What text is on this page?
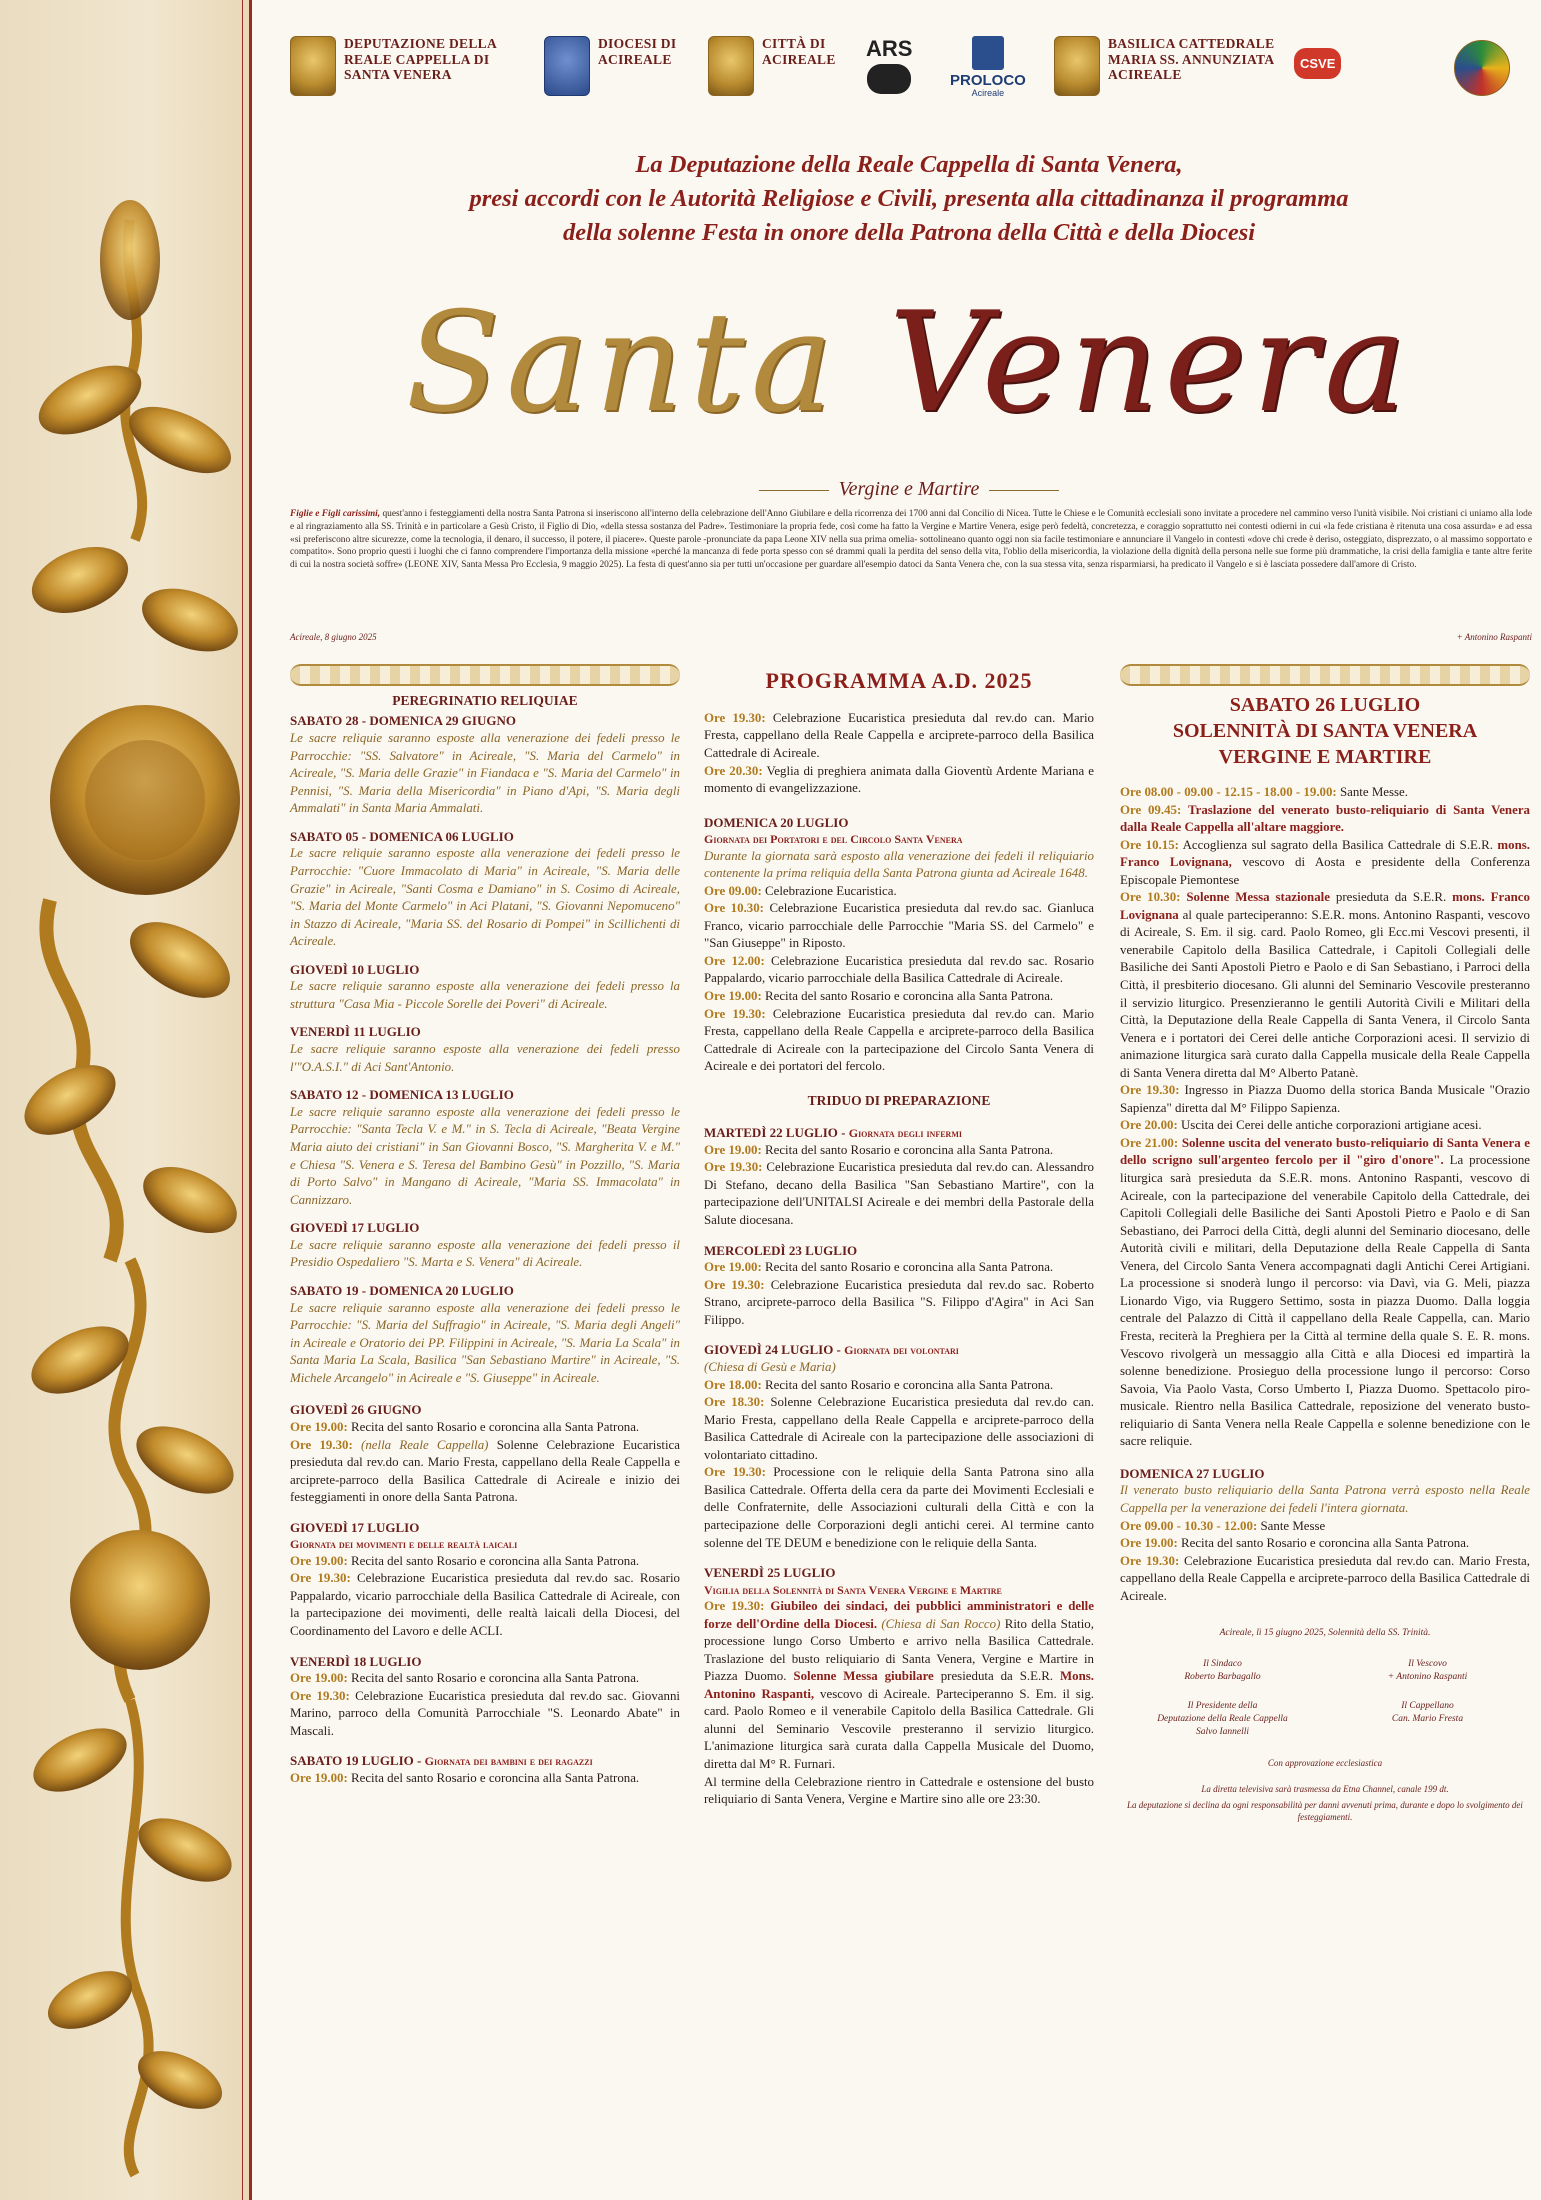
DEPUTAZIONE DELLA
REALE CAPPELLA DI
SANTA VENERA
DIOCESI DI
ACIREALE
CITTÀ DI
ACIREALE ARS
PROLOCO
Acireale
BASILICA CATTEDRALE
MARIA SS. ANNUNZIATA
ACIREALE
CSVE
La Deputazione della Reale Cappella di Santa Venera,
presi accordi con le Autorità Religiose e Civili, presenta alla cittadinanza il programma
della solenne Festa in onore della Patrona della Città e della Diocesi
Santa Venera
Vergine e Martire
Figlie e Figli carissimi, quest'anno i festeggiamenti della nostra Santa Patrona si inseriscono all'interno della celebrazione dell'Anno Giubilare e della ricorrenza dei 1700 anni dal Concilio di Nicea. Tutte le Chiese e le Comunità ecclesiali sono invitate a procedere nel cammino verso l'unità visibile. Noi cristiani ci uniamo alla lode e al ringraziamento alla SS. Trinità e in particolare a Gesù Cristo, il Figlio di Dio, «della stessa sostanza del Padre». Testimoniare la propria fede, così come ha fatto la Vergine e Martire Venera, esige però fedeltà, concretezza, e coraggio soprattutto nei contesti odierni in cui «la fede cristiana è ritenuta una cosa assurda» e ad essa «si preferiscono altre sicurezze, come la tecnologia, il denaro, il successo, il potere, il piacere». Queste parole -pronunciate da papa Leone XIV nella sua prima omelia- sottolineano quanto oggi non sia facile testimoniare e annunciare il Vangelo in contesti «dove chi crede è deriso, osteggiato, disprezzato, o al massimo sopportato e compatito». Sono proprio questi i luoghi che ci fanno comprendere l'importanza della missione «perché la mancanza di fede porta spesso con sé drammi quali la perdita del senso della vita, l'oblio della misericordia, la violazione della dignità della persona nelle sue forme più drammatiche, la crisi della famiglia e tante altre ferite di cui la nostra società soffre» (LEONE XIV, Santa Messa Pro Ecclesia, 9 maggio 2025). La festa di quest'anno sia per tutti un'occasione per guardare all'esempio datoci da Santa Venera che, con la sua stessa vita, senza risparmiarsi, ha predicato il Vangelo e si è lasciata possedere dall'amore di Cristo.
Acireale, 8 giugno 2025	+ Antonino Raspanti
PEREGRINATIO RELIQUIAE
SABATO 28 - DOMENICA 29 GIUGNO
Le sacre reliquie saranno esposte alla venerazione dei fedeli presso le Parrocchie: "SS. Salvatore" in Acireale, "S. Maria del Carmelo" in Acireale, "S. Maria delle Grazie" in Fiandaca e "S. Maria del Carmelo" in Pennisi, "S. Maria della Misericordia" in Piano d'Api, "S. Maria degli Ammalati" in Santa Maria Ammalati.
SABATO 05 - DOMENICA 06 LUGLIO
Le sacre reliquie saranno esposte alla venerazione dei fedeli presso le Parrocchie: "Cuore Immacolato di Maria" in Acireale, "S. Maria delle Grazie" in Acireale, "Santi Cosma e Damiano" in S. Cosimo di Acireale, "S. Maria del Monte Carmelo" in Aci Platani, "S. Giovanni Nepomuceno" in Stazzo di Acireale, "Maria SS. del Rosario di Pompei" in Scillichenti di Acireale.
GIOVEDÌ 10 LUGLIO
Le sacre reliquie saranno esposte alla venerazione dei fedeli presso la struttura "Casa Mia - Piccole Sorelle dei Poveri" di Acireale.
VENERDÌ 11 LUGLIO
Le sacre reliquie saranno esposte alla venerazione dei fedeli presso l'"O.A.S.I." di Aci Sant'Antonio.
SABATO 12 - DOMENICA 13 LUGLIO
Le sacre reliquie saranno esposte alla venerazione dei fedeli presso le Parrocchie: "Santa Tecla V. e M." in S. Tecla di Acireale, "Beata Vergine Maria aiuto dei cristiani" in San Giovanni Bosco, "S. Margherita V. e M." e Chiesa "S. Venera e S. Teresa del Bambino Gesù" in Pozzillo, "S. Maria di Porto Salvo" in Mangano di Acireale, "Maria SS. Immacolata" in Cannizzaro.
GIOVEDÌ 17 LUGLIO
Le sacre reliquie saranno esposte alla venerazione dei fedeli presso il Presidio Ospedaliero "S. Marta e S. Venera" di Acireale.
SABATO 19 - DOMENICA 20 LUGLIO
Le sacre reliquie saranno esposte alla venerazione dei fedeli presso le Parrocchie: "S. Maria del Suffragio" in Acireale, "S. Maria degli Angeli" in Acireale e Oratorio dei PP. Filippini in Acireale, "S. Maria La Scala" in Santa Maria La Scala, Basilica "San Sebastiano Martire" in Acireale, "S. Michele Arcangelo" in Acireale e "S. Giuseppe" in Acireale.
GIOVEDÌ 26 GIUGNO
Ore 19.00: Recita del santo Rosario e coroncina alla Santa Patrona.
Ore 19.30: (nella Reale Cappella) Solenne Celebrazione Eucaristica presieduta dal rev.do can. Mario Fresta, cappellano della Reale Cappella e arciprete-parroco della Basilica Cattedrale di Acireale e inizio dei festeggiamenti in onore della Santa Patrona.
GIOVEDÌ 17 LUGLIO
Giornata dei movimenti e delle realtà laicali
Ore 19.00: Recita del santo Rosario e coroncina alla Santa Patrona.
Ore 19.30: Celebrazione Eucaristica presieduta dal rev.do sac. Rosario Pappalardo, vicario parrocchiale della Basilica Cattedrale di Acireale, con la partecipazione dei movimenti, delle realtà laicali della Diocesi, del Coordinamento del Lavoro e delle ACLI.
VENERDÌ 18 LUGLIO
Ore 19.00: Recita del santo Rosario e coroncina alla Santa Patrona.
Ore 19.30: Celebrazione Eucaristica presieduta dal rev.do sac. Giovanni Marino, parroco della Comunità Parrocchiale "S. Leonardo Abate" in Mascali.
SABATO 19 LUGLIO - Giornata dei bambini e dei ragazzi
Ore 19.00: Recita del santo Rosario e coroncina alla Santa Patrona.
PROGRAMMA A.D. 2025
Ore 19.30: Celebrazione Eucaristica presieduta dal rev.do can. Mario Fresta, cappellano della Reale Cappella e arciprete-parroco della Basilica Cattedrale di Acireale.
Ore 20.30: Veglia di preghiera animata dalla Gioventù Ardente Mariana e momento di evangelizzazione.
DOMENICA 20 LUGLIO
Giornata dei Portatori e del Circolo Santa Venera
Durante la giornata sarà esposto alla venerazione dei fedeli il reliquiario contenente la prima reliquia della Santa Patrona giunta ad Acireale 1648.
Ore 09.00: Celebrazione Eucaristica.
Ore 10.30: Celebrazione Eucaristica presieduta dal rev.do sac. Gianluca Franco, vicario parrocchiale delle Parrocchie "Maria SS. del Carmelo" e "San Giuseppe" in Riposto.
Ore 12.00: Celebrazione Eucaristica presieduta dal rev.do sac. Rosario Pappalardo, vicario parrocchiale della Basilica Cattedrale di Acireale.
Ore 19.00: Recita del santo Rosario e coroncina alla Santa Patrona.
Ore 19.30: Celebrazione Eucaristica presieduta dal rev.do can. Mario Fresta, cappellano della Reale Cappella e arciprete-parroco della Basilica Cattedrale di Acireale con la partecipazione del Circolo Santa Venera di Acireale e dei portatori del fercolo.
TRIDUO DI PREPARAZIONE
MARTEDÌ 22 LUGLIO - Giornata degli infermi
Ore 19.00: Recita del santo Rosario e coroncina alla Santa Patrona.
Ore 19.30: Celebrazione Eucaristica presieduta dal rev.do can. Alessandro Di Stefano, decano della Basilica "San Sebastiano Martire", con la partecipazione dell'UNITALSI Acireale e dei membri della Pastorale della Salute diocesana.
MERCOLEDÌ 23 LUGLIO
Ore 19.00: Recita del santo Rosario e coroncina alla Santa Patrona.
Ore 19.30: Celebrazione Eucaristica presieduta dal rev.do sac. Roberto Strano, arciprete-parroco della Basilica "S. Filippo d'Agira" in Aci San Filippo.
GIOVEDÌ 24 LUGLIO - Giornata dei volontari
(Chiesa di Gesù e Maria)
Ore 18.00: Recita del santo Rosario e coroncina alla Santa Patrona.
Ore 18.30: Solenne Celebrazione Eucaristica presieduta dal rev.do can. Mario Fresta, cappellano della Reale Cappella e arciprete-parroco della Basilica Cattedrale di Acireale con la partecipazione delle associazioni di volontariato cittadino.
Ore 19.30: Processione con le reliquie della Santa Patrona sino alla Basilica Cattedrale. Offerta della cera da parte dei Movimenti Ecclesiali e delle Confraternite, delle Associazioni culturali della Città e con la partecipazione delle Corporazioni degli antichi cerei. Al termine canto solenne del TE DEUM e benedizione con le reliquie della Santa.
VENERDÌ 25 LUGLIO
Vigilia della Solennità di Santa Venera Vergine e Martire
Ore 19.30: Giubileo dei sindaci, dei pubblici amministratori e delle forze dell'Ordine della Diocesi. (Chiesa di San Rocco) Rito della Statio, processione lungo Corso Umberto e arrivo nella Basilica Cattedrale. Traslazione del busto reliquiario di Santa Venera, Vergine e Martire in Piazza Duomo. Solenne Messa giubilare presieduta da S.E.R. Mons. Antonino Raspanti, vescovo di Acireale. Parteciperanno S. Em. il sig. card. Paolo Romeo e il venerabile Capitolo della Basilica Cattedrale. Gli alunni del Seminario Vescovile presteranno il servizio liturgico. L'animazione liturgica sarà curata dalla Cappella Musicale del Duomo, diretta dal M° R. Furnari.
Al termine della Celebrazione rientro in Cattedrale e ostensione del busto reliquiario di Santa Venera, Vergine e Martire sino alle ore 23:30.
SABATO 26 LUGLIO
SOLENNITÀ DI SANTA VENERA
VERGINE E MARTIRE
Ore 08.00 - 09.00 - 12.15 - 18.00 - 19.00: Sante Messe.
Ore 09.45: Traslazione del venerato busto-reliquiario di Santa Venera dalla Reale Cappella all'altare maggiore.
Ore 10.15: Accoglienza sul sagrato della Basilica Cattedrale di S.E.R. mons. Franco Lovignana, vescovo di Aosta e presidente della Conferenza Episcopale Piemontese
Ore 10.30: Solenne Messa stazionale presieduta da S.E.R. mons. Franco Lovignana al quale parteciperanno: S.E.R. mons. Antonino Raspanti, vescovo di Acireale, S. Em. il sig. card. Paolo Romeo, gli Ecc.mi Vescovi presenti, il venerabile Capitolo della Basilica Cattedrale, i Capitoli Collegiali delle Basiliche dei Santi Apostoli Pietro e Paolo e di San Sebastiano, i Parroci della Città, il presbiterio diocesano. Gli alunni del Seminario Vescovile presteranno il servizio liturgico. Presenzieranno le gentili Autorità Civili e Militari della Città, la Deputazione della Reale Cappella di Santa Venera, il Circolo Santa Venera e i portatori dei Cerei delle antiche Corporazioni acesi. Il servizio di animazione liturgica sarà curato dalla Cappella musicale della Reale Cappella di Santa Venera diretta dal M° Alberto Patanè.
Ore 19.30: Ingresso in Piazza Duomo della storica Banda Musicale "Orazio Sapienza" diretta dal M° Filippo Sapienza.
Ore 20.00: Uscita dei Cerei delle antiche corporazioni artigiane acesi.
Ore 21.00: Solenne uscita del venerato busto-reliquiario di Santa Venera e dello scrigno sull'argenteo fercolo per il "giro d'onore". La processione liturgica sarà presieduta da S.E.R. mons. Antonino Raspanti, vescovo di Acireale, con la partecipazione del venerabile Capitolo della Cattedrale, dei Capitoli Collegiali delle Basiliche dei Santi Apostoli Pietro e Paolo e di San Sebastiano, dei Parroci della Città, degli alunni del Seminario diocesano, delle Autorità civili e militari, della Deputazione della Reale Cappella di Santa Venera, del Circolo Santa Venera accompagnati dagli Antichi Cerei Artigiani. La processione si snoderà lungo il percorso: via Davì, via G. Meli, piazza Lionardo Vigo, via Ruggero Settimo, sosta in piazza Duomo. Dalla loggia centrale del Palazzo di Città il cappellano della Reale Cappella, can. Mario Fresta, reciterà la Preghiera per la Città al termine della quale S. E. R. mons. Vescovo rivolgerà un messaggio alla Città e alla Diocesi ed impartirà la solenne benedizione. Prosieguo della processione lungo il percorso: Corso Savoia, Via Paolo Vasta, Corso Umberto I, Piazza Duomo. Spettacolo piro-musicale. Rientro nella Basilica Cattedrale, reposizione del venerato busto-reliquiario di Santa Venera nella Reale Cappella e solenne benedizione con le sacre reliquie.
DOMENICA 27 LUGLIO
Il venerato busto reliquiario della Santa Patrona verrà esposto nella Reale Cappella per la venerazione dei fedeli l'intera giornata.
Ore 09.00 - 10.30 - 12.00: Sante Messe
Ore 19.00: Recita del santo Rosario e coroncina alla Santa Patrona.
Ore 19.30: Celebrazione Eucaristica presieduta dal rev.do can. Mario Fresta, cappellano della Reale Cappella e arciprete-parroco della Basilica Cattedrale di Acireale.
Acireale, lì 15 giugno 2025, Solennità della SS. Trinità.
Il Sindaco
Roberto Barbagallo
Il Vescovo
+ Antonino Raspanti
Il Presidente della
Deputazione della Reale Cappella
Salvo Iannelli
Il Cappellano
Can. Mario Fresta
Con approvazione ecclesiastica
La diretta televisiva sarà trasmessa da Etna Channel, canale 199 dt.
La deputazione si declina da ogni responsabilità per danni avvenuti prima, durante e dopo lo svolgimento dei festeggiamenti.
